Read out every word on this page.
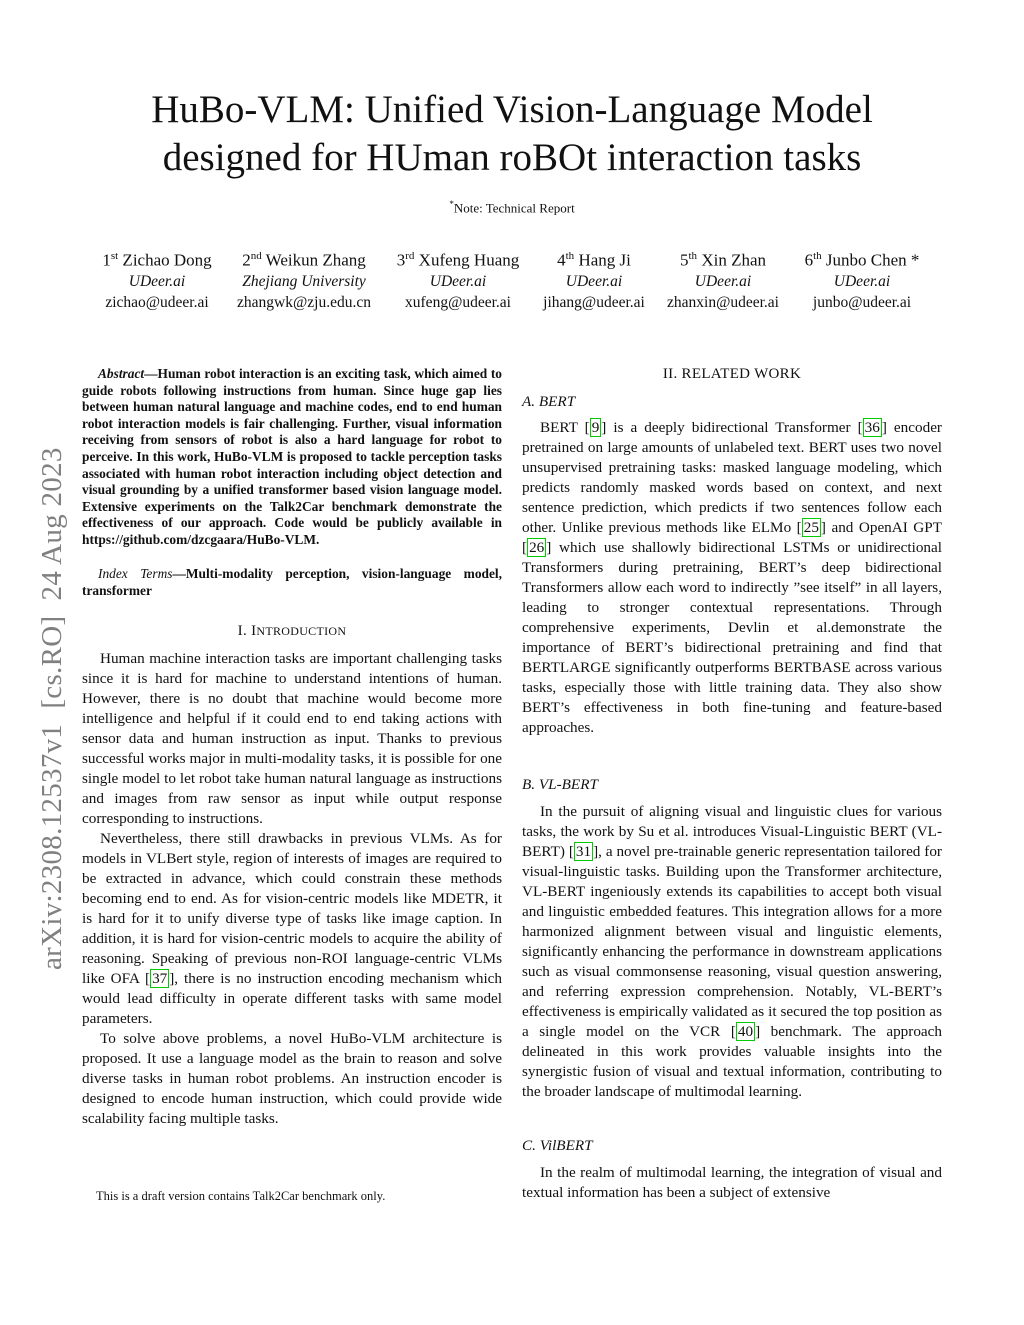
HuBo-VLM: Unified Vision-Language Model
designed for HUman roBOt interaction tasks
*Note: Technical Report
1st Zichao Dong
UDeer.ai
zichao@udeer.ai
2nd Weikun Zhang
Zhejiang University
zhangwk@zju.edu.cn
3rd Xufeng Huang
UDeer.ai
xufeng@udeer.ai
4th Hang Ji
UDeer.ai
jihang@udeer.ai
5th Xin Zhan
UDeer.ai
zhanxin@udeer.ai
6th Junbo Chen *
UDeer.ai
junbo@udeer.ai
arXiv:2308.12537v1  [cs.RO]  24 Aug 2023
Abstract—Human robot interaction is an exciting task, which aimed to guide robots following instructions from human. Since huge gap lies between human natural language and machine codes, end to end human robot interaction models is fair challenging. Further, visual information receiving from sensors of robot is also a hard language for robot to perceive. In this work, HuBo-VLM is proposed to tackle perception tasks associated with human robot interaction including object detection and visual grounding by a unified transformer based vision language model. Extensive experiments on the Talk2Car benchmark demonstrate the effectiveness of our approach. Code would be publicly available in https://github.com/dzcgaara/HuBo-VLM.
Index Terms—Multi-modality perception, vision-language model, transformer
I. INTRODUCTION

Human machine interaction tasks are important challenging tasks since it is hard for machine to understand intentions of human. However, there is no doubt that machine would become more intelligence and helpful if it could end to end taking actions with sensor data and human instruction as input. Thanks to previous successful works major in multi-modality tasks, it is possible for one single model to let robot take human natural language as instructions and images from raw sensor as input while output response corresponding to instructions.

Nevertheless, there still drawbacks in previous VLMs. As for models in VLBert style, region of interests of images are required to be extracted in advance, which could constrain these methods becoming end to end. As for vision-centric models like MDETR, it is hard for it to unify diverse type of tasks like image caption. In addition, it is hard for vision-centric models to acquire the ability of reasoning. Speaking of previous non-ROI language-centric VLMs like OFA [ 37 ], there is no instruction encoding mechanism which would lead difficulty in operate different tasks with same model parameters.

To solve above problems, a novel HuBo-VLM architecture is proposed. It use a language model as the brain to reason and solve diverse tasks in human robot problems. An instruction encoder is designed to encode human instruction, which could provide wide scalability facing multiple tasks.

This is a draft version contains Talk2Car benchmark only.
II. RELATED WORK
A. BERT

BERT [ 9 ] is a deeply bidirectional Transformer [ 36 ] encoder pretrained on large amounts of unlabeled text. BERT uses two novel unsupervised pretraining tasks: masked language modeling, which predicts randomly masked words based on context, and next sentence prediction, which predicts if two sentences follow each other. Unlike previous methods like ELMo [ 25 ] and OpenAI GPT [ 26 ] which use shallowly bidirectional LSTMs or unidirectional Transformers during pretraining, BERT’s deep bidirectional Transformers allow each word to indirectly ”see itself” in all layers, leading to stronger contextual representations. Through comprehensive experiments, Devlin et al.demonstrate the importance of BERT’s bidirectional pretraining and find that BERTLARGE significantly outperforms BERTBASE across various tasks, especially those with little training data. They also show BERT’s effectiveness in both fine-tuning and feature-based approaches.

B. VL-BERT

In the pursuit of aligning visual and linguistic clues for various tasks, the work by Su et al. introduces Visual-Linguistic BERT (VL-BERT) [ 31 ], a novel pre-trainable generic representation tailored for visual-linguistic tasks. Building upon the Transformer architecture, VL-BERT ingeniously extends its capabilities to accept both visual and linguistic embedded features. This integration allows for a more harmonized alignment between visual and linguistic elements, significantly enhancing the performance in downstream applications such as visual commonsense reasoning, visual question answering, and referring expression comprehension. Notably, VL-BERT’s effectiveness is empirically validated as it secured the top position as a single model on the VCR [ 40 ] benchmark. The approach delineated in this work provides valuable insights into the synergistic fusion of visual and textual information, contributing to the broader landscape of multimodal learning.

C. VilBERT

In the realm of multimodal learning, the integration of visual and textual information has been a subject of extensive
